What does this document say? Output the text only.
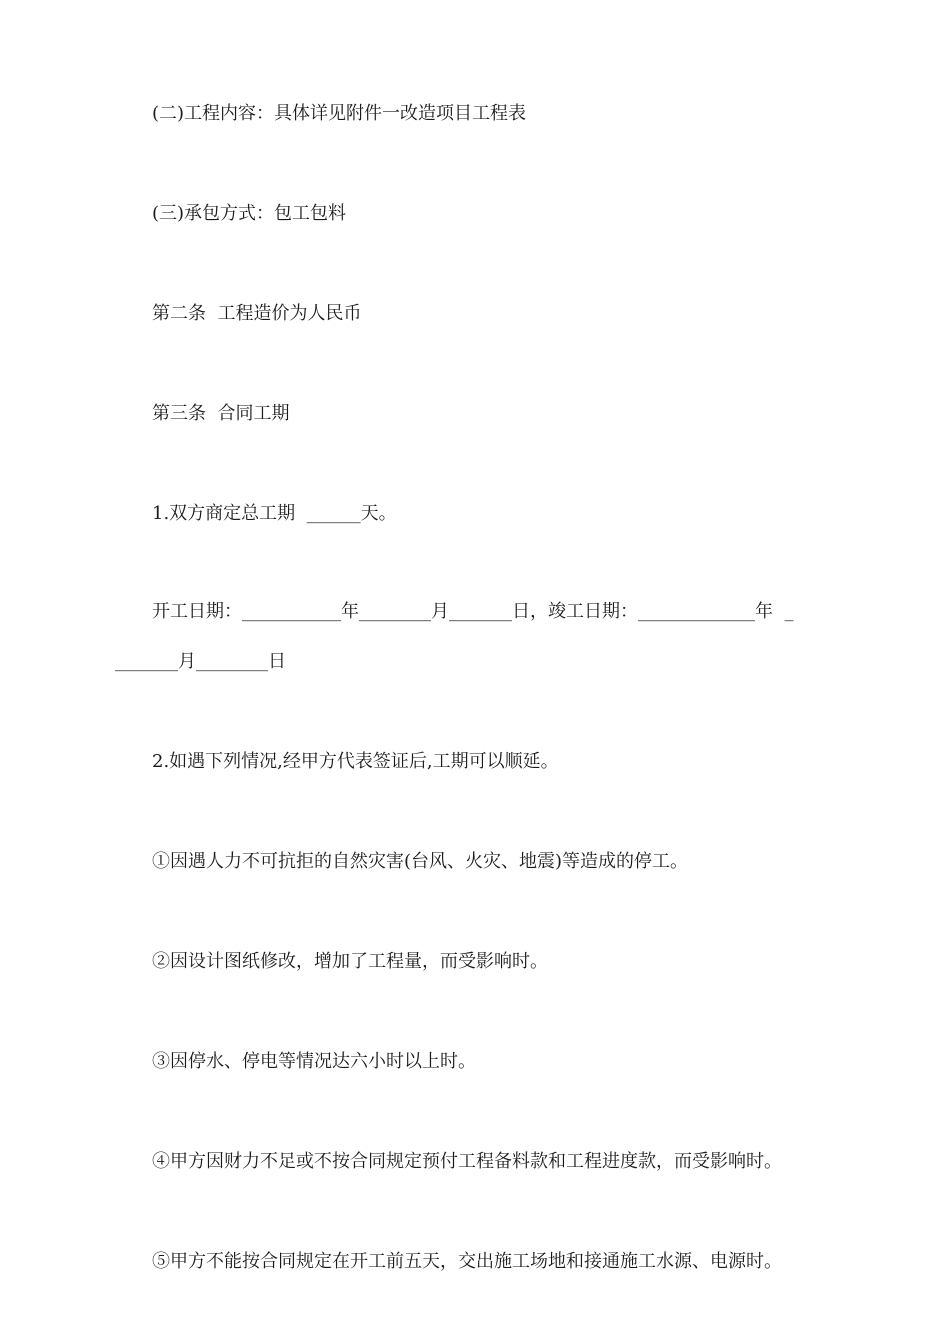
(二)工程内容：具体详见附件一改造项目工程表
(三)承包方式：包工包料
第二条  工程造价为人民币
第三条  合同工期
1.双方商定总工期  ______天。
开工日期：___________年________月_______日，竣工日期：_____________年  _
_______月________日
2.如遇下列情况,经甲方代表签证后,工期可以顺延。
①因遇人力不可抗拒的自然灾害(台风、火灾、地震)等造成的停工。
②因设计图纸修改，增加了工程量，而受影响时。
③因停水、停电等情况达六小时以上时。
④甲方因财力不足或不按合同规定预付工程备料款和工程进度款，而受影响时。
⑤甲方不能按合同规定在开工前五天，交出施工场地和接通施工水源、电源时。
